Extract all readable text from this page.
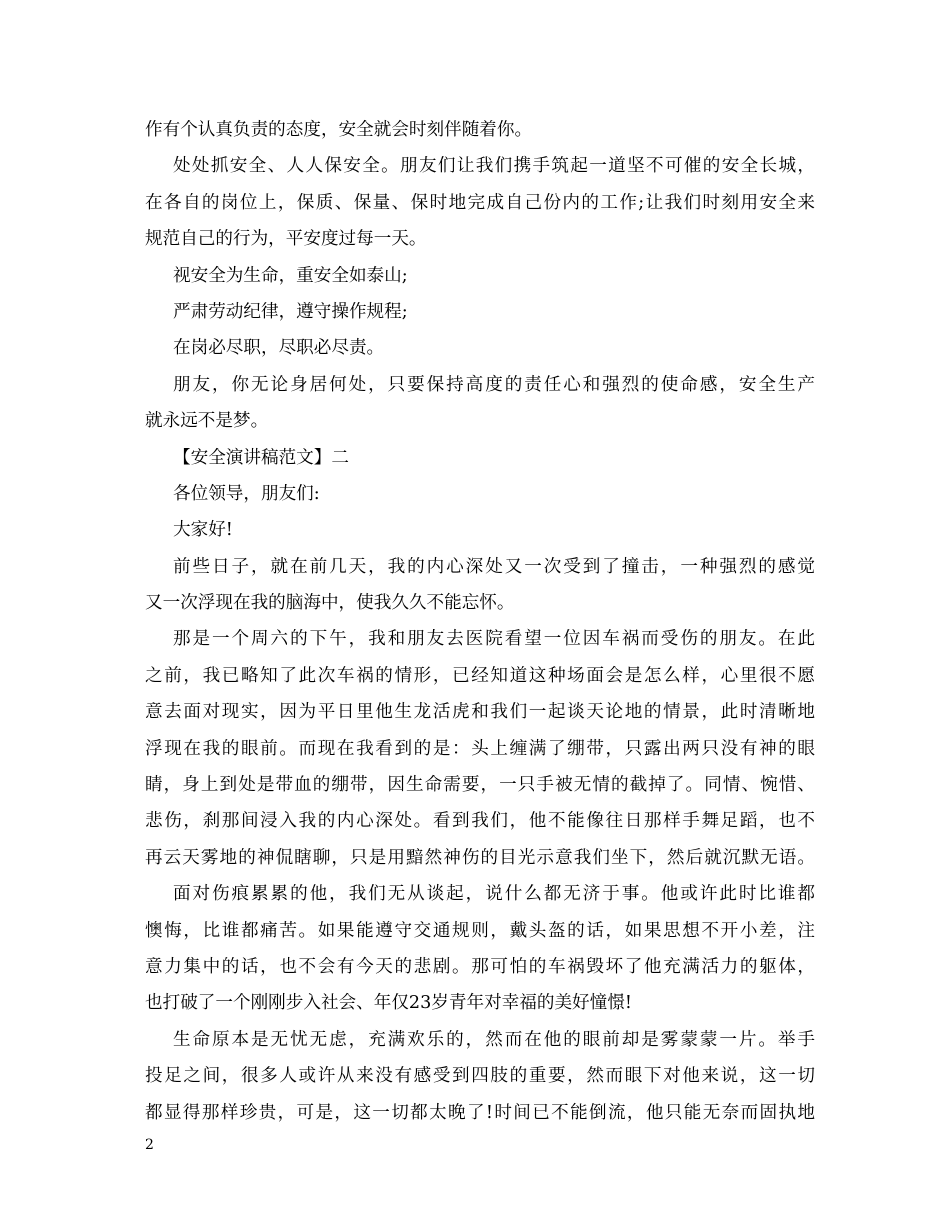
作有个认真负责的态度，安全就会时刻伴随着你。
处处抓安全、人人保安全。朋友们让我们携手筑起一道坚不可催的安全长城，
在各自的岗位上，保质、保量、保时地完成自己份内的工作;让我们时刻用安全来
规范自己的行为，平安度过每一天。
视安全为生命，重安全如泰山;
严肃劳动纪律，遵守操作规程;
在岗必尽职，尽职必尽责。
朋友，你无论身居何处，只要保持高度的责任心和强烈的使命感，安全生产
就永远不是梦。
【安全演讲稿范文】二
各位领导，朋友们:
大家好!
前些日子，就在前几天，我的内心深处又一次受到了撞击，一种强烈的感觉
又一次浮现在我的脑海中，使我久久不能忘怀。
那是一个周六的下午，我和朋友去医院看望一位因车祸而受伤的朋友。在此
之前，我已略知了此次车祸的情形，已经知道这种场面会是怎么样，心里很不愿
意去面对现实，因为平日里他生龙活虎和我们一起谈天论地的情景，此时清晰地
浮现在我的眼前。而现在我看到的是：头上缠满了绷带，只露出两只没有神的眼
睛，身上到处是带血的绷带，因生命需要，一只手被无情的截掉了。同情、惋惜、
悲伤，刹那间浸入我的内心深处。看到我们，他不能像往日那样手舞足蹈，也不
再云天雾地的神侃瞎聊，只是用黯然神伤的目光示意我们坐下，然后就沉默无语。
面对伤痕累累的他，我们无从谈起，说什么都无济于事。他或许此时比谁都
懊悔，比谁都痛苦。如果能遵守交通规则，戴头盔的话，如果思想不开小差，注
意力集中的话，也不会有今天的悲剧。那可怕的车祸毁坏了他充满活力的躯体，
也打破了一个刚刚步入社会、年仅23岁青年对幸福的美好憧憬!
生命原本是无忧无虑，充满欢乐的，然而在他的眼前却是雾蒙蒙一片。举手
投足之间，很多人或许从来没有感受到四肢的重要，然而眼下对他来说，这一切
都显得那样珍贵，可是，这一切都太晚了!时间已不能倒流，他只能无奈而固执地
2
